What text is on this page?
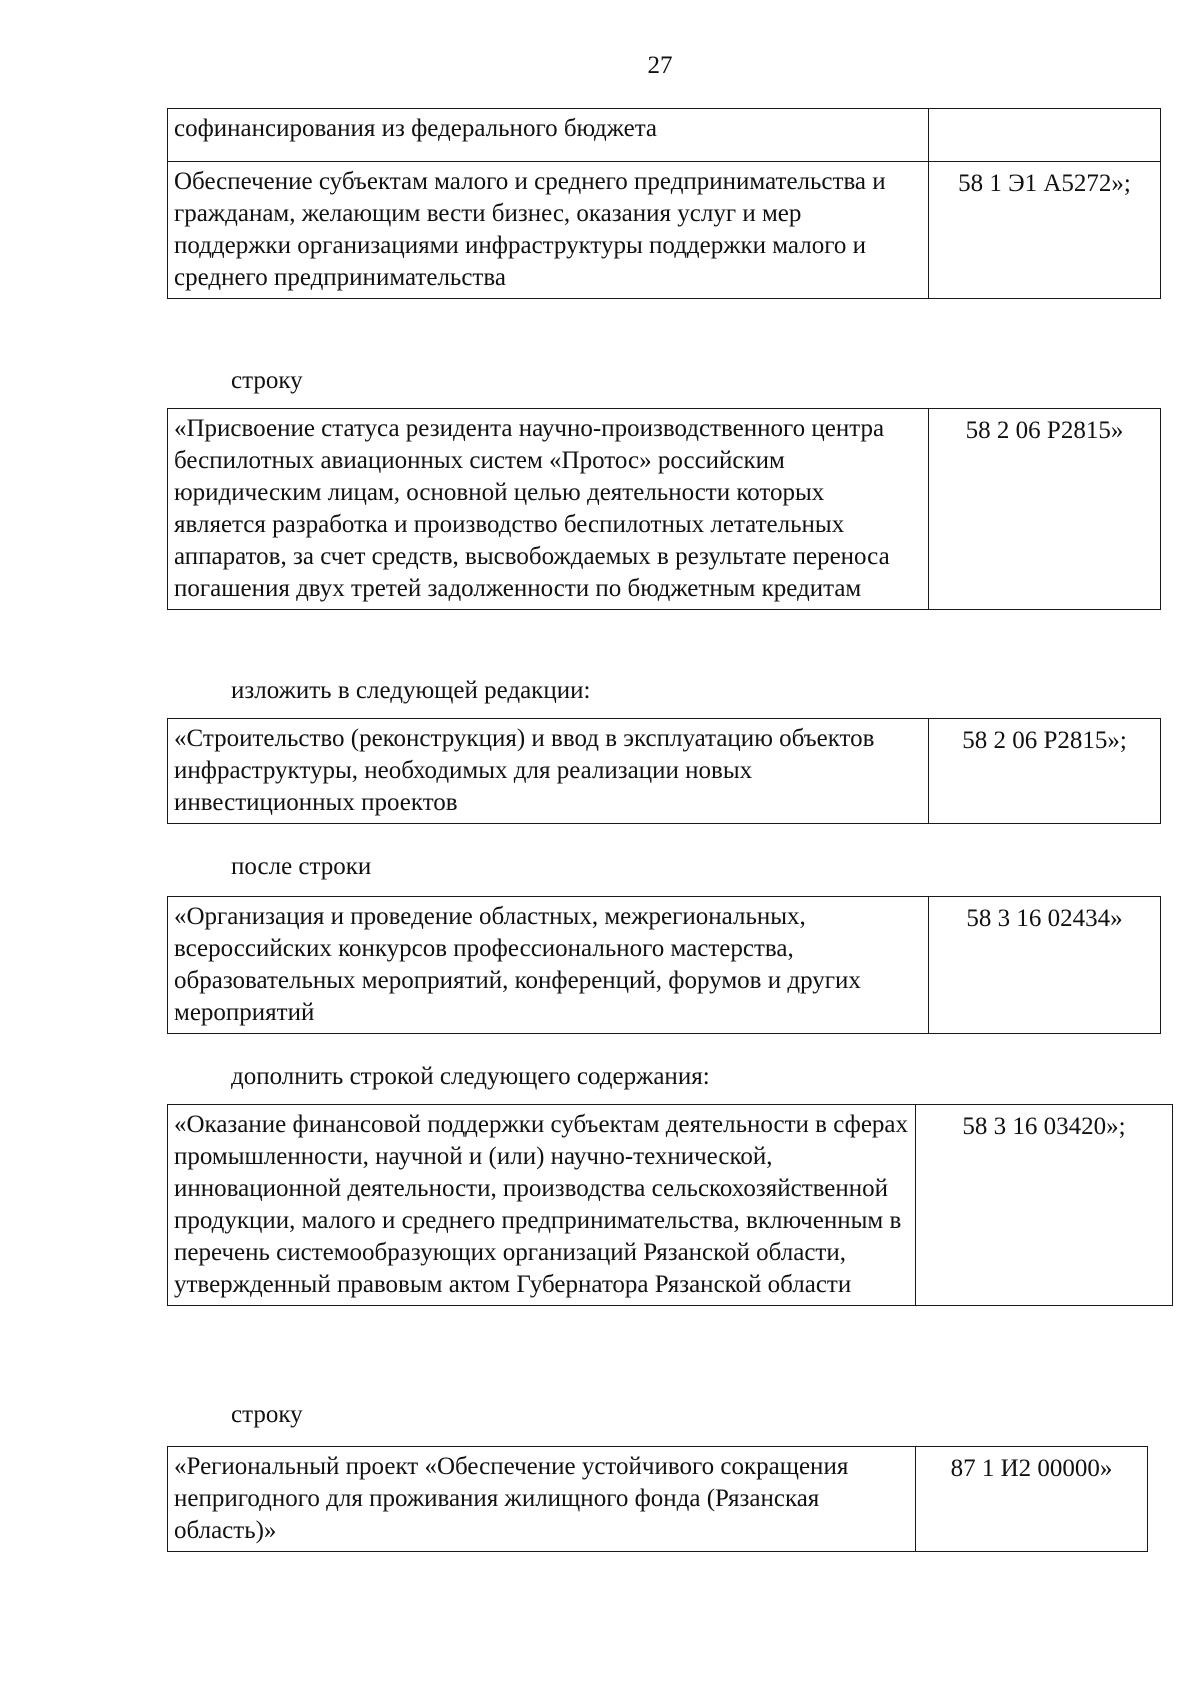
27
софинансирования из федерального бюджета	
Обеспечение субъектам малого и среднего предпринимательства и гражданам, желающим вести бизнес, оказания услуг и мер поддержки организациями инфраструктуры поддержки малого и среднего предпринимательства	58 1 Э1 А5272»;
строку
«Присвоение статуса резидента научно-производственного центра беспилотных авиационных систем «Протос» российским юридическим лицам, основной целью деятельности которых является разработка и производство беспилотных летательных аппаратов, за счет средств, высвобождаемых в результате переноса погашения двух третей задолженности по бюджетным кредитам	58 2 06 Р2815»
изложить в следующей редакции:
«Строительство (реконструкция) и ввод в эксплуатацию объектов инфраструктуры, необходимых для реализации новых инвестиционных проектов	58 2 06 Р2815»;
после строки
«Организация и проведение областных, межрегиональных, всероссийских конкурсов профессионального мастерства, образовательных мероприятий, конференций, форумов и других мероприятий	58 3 16 02434»
дополнить строкой следующего содержания:
«Оказание финансовой поддержки субъектам деятельности в сферах промышленности, научной и (или) научно-технической, инновационной деятельности, производства сельскохозяйственной продукции, малого и среднего предпринимательства, включенным в перечень системообразующих организаций Рязанской области, утвержденный правовым актом Губернатора Рязанской области	58 3 16 03420»;
строку
«Региональный проект «Обеспечение устойчивого сокращения непригодного для проживания жилищного фонда (Рязанская область)»	87 1 И2 00000»
